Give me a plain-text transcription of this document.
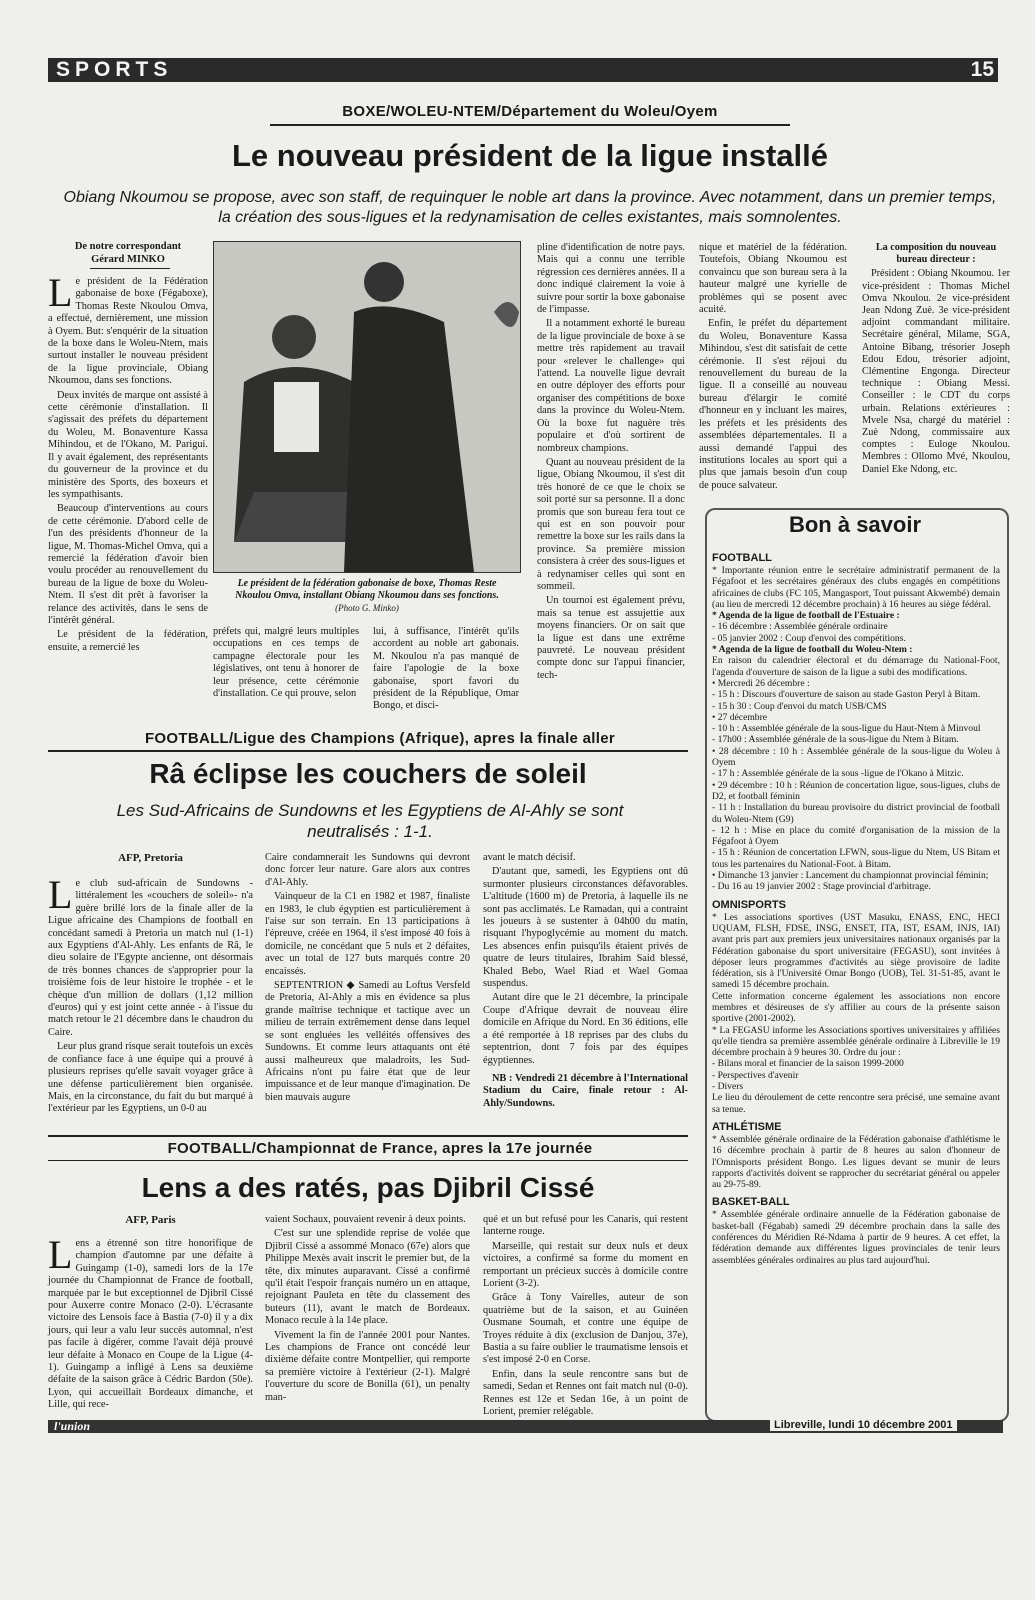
SPORTS	15
BOXE/WOLEU-NTEM/Département du Woleu/Oyem
Le nouveau président de la ligue installé
Obiang Nkoumou se propose, avec son staff, de requinquer le noble art dans la province. Avec notamment, dans un premier temps, la création des sous-ligues et la redynamisation de celles existantes, mais somnolentes.
De notre correspondant
Gérard MINKO

Le président de la Fédération gabonaise de boxe (Fégaboxe), Thomas Reste Nkoulou Omva, a effectué, dernièrement, une mission à Oyem. But: s'enquérir de la situation de la boxe dans le Woleu-Ntem, mais surtout installer le nouveau président de la ligue provinciale, Obiang Nkoumou, dans ses fonctions.

Deux invités de marque ont assisté à cette cérémonie d'installation. Il s'agissait des préfets du département du Woleu, M. Bonaventure Kassa Mihindou, et de l'Okano, M. Parigui. Il y avait également, des représentants du gouverneur de la province et du ministère des Sports, des boxeurs et les sympathisants.

Beaucoup d'interventions au cours de cette cérémonie. D'abord celle de l'un des présidents d'honneur de la ligue, M. Thomas-Michel Omva, qui a remercié la fédération d'avoir bien voulu procéder au renouvellement du bureau de la ligue de boxe du Woleu-Ntem. Il s'est dit prêt à favoriser la relance des activités, dans le sens de l'intérêt général.

Le président de la fédération, ensuite, a remercié les

Le président de la fédération gabonaise de boxe, Thomas Reste Nkoulou Omva, installant Obiang Nkoumou dans ses fonctions. (Photo G. Minko)

préfets qui, malgré leurs multiples occupations en ces temps de campagne électorale pour les législatives, ont tenu à honorer de leur présence, cette cérémonie d'installation. Ce qui prouve, selon

lui, à suffisance, l'intérêt qu'ils accordent au noble art gabonais. M. Nkoulou n'a pas manqué de faire l'apologie de la boxe gabonaise, sport favori du président de la République, Omar Bongo, et disci-

pline d'identification de notre pays. Mais qui a connu une terrible régression ces dernières années. Il a donc indiqué clairement la voie à suivre pour sortir la boxe gabonaise de l'impasse.

Il a notamment exhorté le bureau de la ligue provinciale de boxe à se mettre très rapidement au travail pour «relever le challenge» qui l'attend. La nouvelle ligue devrait en outre déployer des efforts pour organiser des compétitions de boxe dans la province du Woleu-Ntem. Où la boxe fut naguère très populaire et d'où sortirent de nombreux champions.

Quant au nouveau président de la ligue, Obiang Nkoumou, il s'est dit très honoré de ce que le choix se soit porté sur sa personne. Il a donc promis que son bureau fera tout ce qui est en son pouvoir pour remettre la boxe sur les rails dans la province. Sa première mission consistera à créer des sous-ligues et à redynamiser celles qui sont en sommeil.

Un tournoi est également prévu, mais sa tenue est assujettie aux moyens financiers. Or on sait que la ligue est dans une extrême pauvreté. Le nouveau président compte donc sur l'appui financier, tech-

nique et matériel de la fédération. Toutefois, Obiang Nkoumou est convaincu que son bureau sera à la hauteur malgré une kyrielle de problèmes qui se posent avec acuité.

Enfin, le préfet du département du Woleu, Bonaventure Kassa Mihindou, s'est dit satisfait de cette cérémonie. Il s'est réjoui du renouvellement du bureau de la ligue. Il a conseillé au nouveau bureau d'élargir le comité d'honneur en y incluant les maires, les préfets et les présidents des assemblées départementales. Il a aussi demandé l'appui des institutions locales au sport qui a plus que jamais besoin d'un coup de pouce salvateur.

La composition du nouveau bureau directeur :

Président : Obiang Nkoumou. 1er vice-président : Thomas Michel Omva Nkoulou. 2e vice-président Jean Ndong Zuè. 3e vice-président adjoint commandant militaire. Secrétaire général, Milame, SGA, Antoine Bibang, trésorier Joseph Edou Edou, trésorier adjoint, Clémentine Engonga. Directeur technique : Obiang Messi. Conseiller : le CDT du corps urbain. Relations extérieures : Mvele Nsa, chargé du matériel : Zuè Ndong, commissaire aux comptes : Euloge Nkoulou. Membres : Ollomo Mvé, Nkoulou, Daniel Eke Ndong, etc.

FOOTBALL/Ligue des Champions (Afrique), apres la finale aller
Râ éclipse les couchers de soleil
Les Sud-Africains de Sundowns et les Egyptiens de Al-Ahly se sont neutralisés : 1-1.
AFP, Pretoria

Le club sud-africain de Sundowns -littéralement les «couchers de soleil»- n'a guère brillé lors de la finale aller de la Ligue africaine des Champions de football en concédant samedi à Pretoria un match nul (1-1) aux Egyptiens d'Al-Ahly. Les enfants de Râ, le dieu solaire de l'Egypte ancienne, ont désormais de très bonnes chances de s'approprier pour la troisième fois de leur histoire le trophée - et le chèque d'un million de dollars (1,12 million d'euros) qui y est joint cette année - à l'issue du match retour le 21 décembre dans le chaudron du Caire.

Leur plus grand risque serait toutefois un excès de confiance face à une équipe qui a prouvé à plusieurs reprises qu'elle savait voyager grâce à une défense particulièrement bien organisée. Mais, en la circonstance, du fait du but marqué à l'extérieur par les Egyptiens, un 0-0 au

Caire condamnerait les Sundowns qui devront donc forcer leur nature. Gare alors aux contres d'Al-Ahly.

Vainqueur de la C1 en 1982 et 1987, finaliste en 1983, le club égyptien est particulièrement à l'aise sur son terrain. En 13 participations à l'épreuve, créée en 1964, il s'est imposé 40 fois à domicile, ne concédant que 5 nuls et 2 défaites, avec un total de 127 buts marqués contre 20 encaissés.

SEPTENTRION ◆ Samedi au Loftus Versfeld de Pretoria, Al-Ahly a mis en évidence sa plus grande maîtrise technique et tactique avec un milieu de terrain extrêmement dense dans lequel se sont engluées les velléités offensives des Sundowns. Et comme leurs attaquants ont été aussi malheureux que maladroits, les Sud-Africains n'ont pu faire état que de leur impuissance et de leur manque d'imagination. De bien mauvais augure

avant le match décisif.

D'autant que, samedi, les Egyptiens ont dû surmonter plusieurs circonstances défavorables. L'altitude (1600 m) de Pretoria, à laquelle ils ne sont pas acclimatés. Le Ramadan, qui a contraint les joueurs à se sustenter à 04h00 du matin, risquant l'hypoglycémie au moment du match. Les absences enfin puisqu'ils étaient privés de quatre de leurs titulaires, Ibrahim Said blessé, Khaled Bebo, Wael Riad et Wael Gomaa suspendus.

Autant dire que le 21 décembre, la principale Coupe d'Afrique devrait de nouveau élire domicile en Afrique du Nord. En 36 éditions, elle a été remportée à 18 reprises par des clubs du septentrion, dont 7 fois par des équipes égyptiennes.

NB : Vendredi 21 décembre à l'International Stadium du Caire, finale retour : Al-Ahly/Sundowns.

FOOTBALL/Championnat de France, apres la 17e journée
Lens a des ratés, pas Djibril Cissé
AFP, Paris

Lens a étrenné son titre honorifique de champion d'automne par une défaite à Guingamp (1-0), samedi lors de la 17e journée du Championnat de France de football, marquée par le but exceptionnel de Djibril Cissé pour Auxerre contre Monaco (2-0). L'écrasante victoire des Lensois face à Bastia (7-0) il y a dix jours, qui leur a valu leur succès automnal, n'est pas facile à digérer, comme l'avait déjà prouvé leur défaite à Monaco en Coupe de la Ligue (4-1). Guingamp a infligé à Lens sa deuxième défaite de la saison grâce à Cédric Bardon (50e). Lyon, qui accueillait Bordeaux dimanche, et Lille, qui rece-

vaient Sochaux, pouvaient revenir à deux points.

C'est sur une splendide reprise de volée que Djibril Cissé a assommé Monaco (67e) alors que Philippe Mexès avait inscrit le premier but, de la tête, dix minutes auparavant. Cissé a confirmé qu'il était l'espoir français numéro un en attaque, rejoignant Pauleta en tête du classement des buteurs (11), avant le match de Bordeaux. Monaco recule à la 14e place.

Vivement la fin de l'année 2001 pour Nantes. Les champions de France ont concédé leur dixième défaite contre Montpellier, qui remporte sa première victoire à l'extérieur (2-1). Malgré l'ouverture du score de Bonilla (61), un penalty man-

qué et un but refusé pour les Canaris, qui restent lanterne rouge.

Marseille, qui restait sur deux nuls et deux victoires, a confirmé sa forme du moment en remportant un précieux succès à domicile contre Lorient (3-2).

Grâce à Tony Vairelles, auteur de son quatrième but de la saison, et au Guinéen Ousmane Soumah, et contre une équipe de Troyes réduite à dix (exclusion de Danjou, 37e), Bastia a su faire oublier le traumatisme lensois et s'est imposé 2-0 en Corse.

Enfin, dans la seule rencontre sans but de samedi, Sedan et Rennes ont fait match nul (0-0). Rennes est 12e et Sedan 16e, à un point de Lorient, premier relégable.

Bon à savoir
FOOTBALL

* Importante réunion entre le secrétaire administratif permanent de la Fégafoot et les secrétaires généraux des clubs engagés en compétitions africaines de clubs (FC 105, Mangasport, Tout puissant Akwembé) demain (au lieu de mercredi 12 décembre prochain) à 16 heures au siège fédéral.

* Agenda de la ligue de football de l'Estuaire :

- 16 décembre : Assemblée générale ordinaire

- 05 janvier 2002 : Coup d'envoi des compétitions.

* Agenda de la ligue de football du Woleu-Ntem :

En raison du calendrier électoral et du démarrage du National-Foot, l'agenda d'ouverture de saison de la ligue a subi des modifications.

• Mercredi 26 décembre :

- 15 h : Discours d'ouverture de saison au stade Gaston Peryl à Bitam.

- 15 h 30 : Coup d'envoi du match USB/CMS

• 27 décembre

- 10 h : Assemblée générale de la sous-ligue du Haut-Ntem à Minvoul

- 17h00 : Assemblée générale de la sous-ligue du Ntem à Bitam.

• 28 décembre : 10 h : Assemblée générale de la sous-ligue du Woleu à Oyem

- 17 h : Assemblée générale de la sous -ligue de l'Okano à Mitzic.

• 29 décembre : 10 h : Réunion de concertation ligue, sous-ligues, clubs de D2, et football féminin

- 11 h : Installation du bureau provisoire du district provincial de football du Woleu-Ntem (G9)

- 12 h : Mise en place du comité d'organisation de la mission de la Fégafoot à Oyem

- 15 h : Réunion de concertation LFWN, sous-ligue du Ntem, US Bitam et tous les partenaires du National-Foot. à Bitam.

• Dimanche 13 janvier : Lancement du championnat provincial féminin;

- Du 16 au 19 janvier 2002 : Stage provincial d'arbitrage.

OMNISPORTS

* Les associations sportives (UST Masuku, ENASS, ENC, HECI UQUAM, FLSH, FDSE, INSG, ENSET, ITA, IST, ESAM, INJS, IAI) avant pris part aux premiers jeux universitaires nationaux organisés par la Fédération gabonaise du sport universitaire (FEGASU), sont invitées à déposer leurs programmes d'activités au siège provisoire de ladite fédération, sis à l'Université Omar Bongo (UOB), Tel. 31-51-85, avant le samedi 15 décembre prochain.

Cette information concerne également les associations non encore membres et désireuses de s'y affilier au cours de la présente saison sportive (2001-2002).

* La FEGASU informe les Associations sportives universitaires y affiliées qu'elle tiendra sa première assemblée générale ordinaire à Libreville le 19 décembre prochain à 9 heures 30. Ordre du jour :

- Bilans moral et financier de la saison 1999-2000

- Perspectives d'avenir

- Divers

Le lieu du déroulement de cette rencontre sera précisé, une semaine avant sa tenue.

ATHLÉTISME

* Assemblée générale ordinaire de la Fédération gabonaise d'athlétisme le 16 décembre prochain à partir de 8 heures au salon d'honneur de l'Omnisports président Bongo. Les ligues devant se munir de leurs rapports d'activités doivent se rapprocher du secrétariat général ou appeler au 29-75-89.

BASKET-BALL

* Assemblée générale ordinaire annuelle de la Fédération gabonaise de basket-ball (Fégabab) samedi 29 décembre prochain dans la salle des conférences du Méridien Ré-Ndama à partir de 9 heures. A cet effet, la fédération demande aux différentes ligues provinciales de tenir leurs assemblées générales ordinaires au plus tard aujourd'hui.

l'union	Libreville, lundi 10 décembre 2001
